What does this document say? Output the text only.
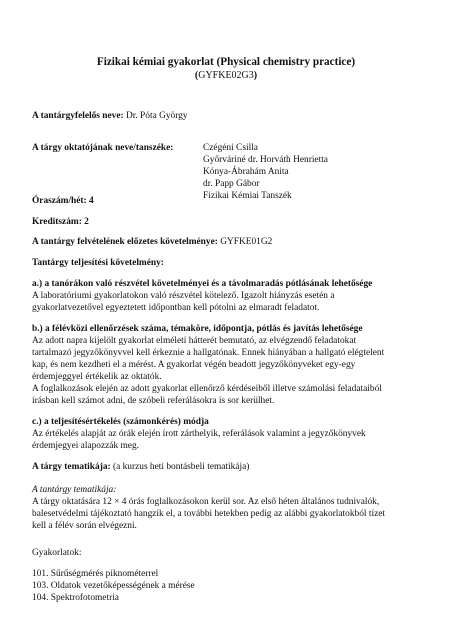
Fizikai kémiai gyakorlat (Physical chemistry practice)
(GYFKE02G3)
A tantárgyfelelős neve: Dr. Póta György
A tárgy oktatójának neve/tanszéke:	Czégéni Csilla
Győrváriné dr. Horváth Henrietta
Kónya-Ábrahám Anita
dr. Papp Gábor
Fizikai Kémiai Tanszék
Óraszám/hét: 4
Kreditszám: 2
A tantárgy felvételének előzetes követelménye: GYFKE01G2
Tantárgy teljesítési követelmény:
a.) a tanórákon való részvétel követelményei és a távolmaradás pótlásának lehetősége
A laboratóriumi gyakorlatokon való részvétel kötelező. Igazolt hiányzás esetén a
gyakorlatvezetővel egyeztetett időpontban kell pótolni az elmaradt feladatot.
b.) a félévközi ellenőrzések száma, témaköre, időpontja, pótlás és javítás lehetősége
Az adott napra kijelölt gyakorlat elméleti hátterét bemutató, az elvégzendő feladatokat
tartalmazó jegyzőkönyvvel kell érkeznie a hallgatónak. Ennek hiányában a hallgató elégtelent
kap, és nem kezdheti el a mérést. A gyakorlat végén beadott jegyzőkönyveket egy-egy
érdemjeggyel értékelik az oktatók.
A foglalkozások elején az adott gyakorlat ellenőrző kérdéseiből illetve számolási feladataiból
írásban kell számot adni, de szóbeli referálásokra is sor kerülhet.
c.) a teljesítésértékelés (számonkérés) módja
Az értékelés alapját az órák elején írott zárthelyik, referálások valamint a jegyzőkönyvek
érdemjegyei alapozzák meg.
A tárgy tematikája: (a kurzus heti bontásbeli tematikája)
A tantárgy tematikája:
A tárgy oktatására 12 × 4 órás foglalkozásokon kerül sor. Az első héten általános tudnivalók,
balesetvédelmi tájékoztató hangzik el, a további hetekben pedig az alábbi gyakorlatokból tízet
kell a félév során elvégezni.
Gyakorlatok:
101. Sűrűségmérés piknométerrel
103. Oldatok vezetőképességének a mérése
104. Spektrofotometria
